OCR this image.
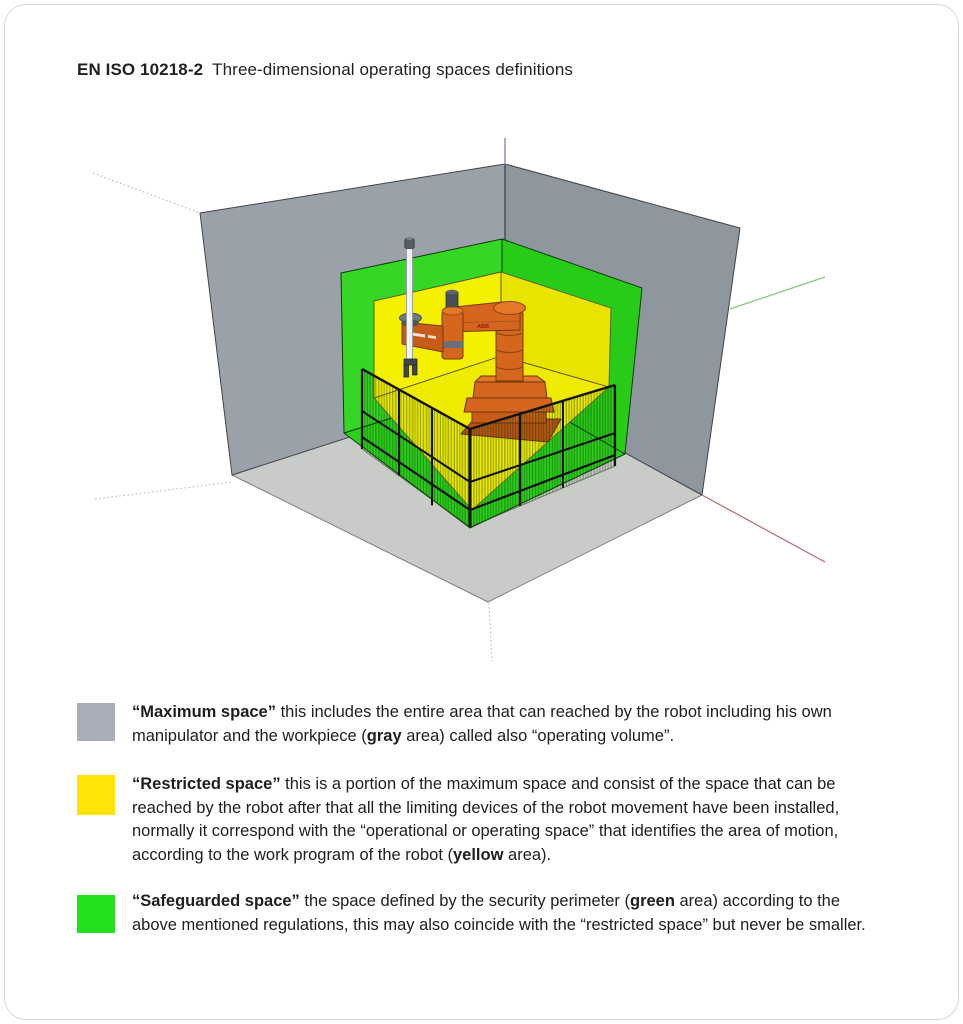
EN ISO 10218-2 Three-dimensional operating spaces definitions
ABB
“Maximum space” this includes the entire area that can reached by the robot including his own manipulator and the workpiece (gray area) called also “operating volume”.
“Restricted space” this is a portion of the maximum space and consist of the space that can be reached by the robot after that all the limiting devices of the robot movement have been installed, normally it correspond with the “operational or operating space” that identifies the area of motion, according to the work program of the robot (yellow area).
“Safeguarded space” the space defined by the security perimeter (green area) according to the above mentioned regulations, this may also coincide with the “restricted space” but never be smaller.
